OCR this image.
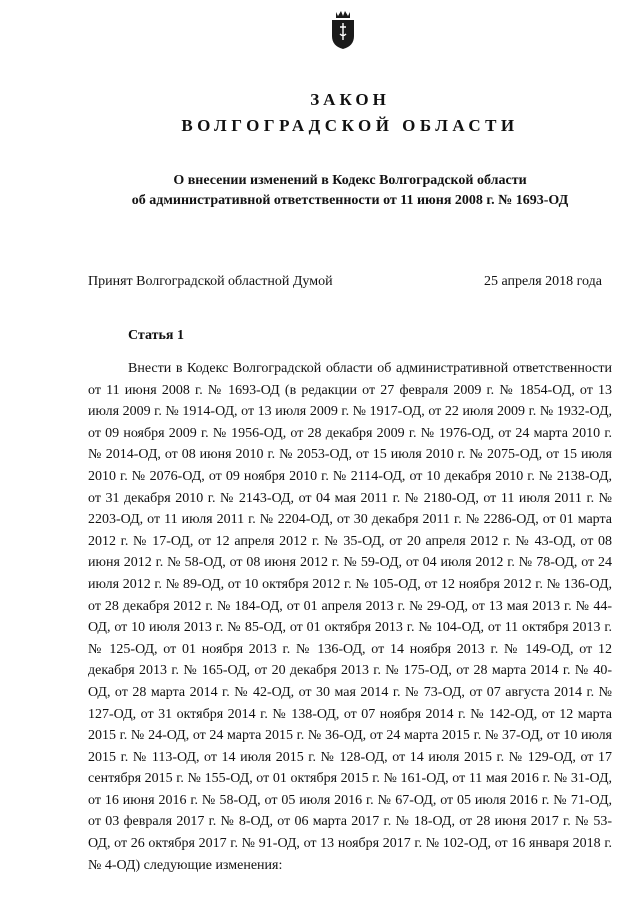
ЗАКОН
ВОЛГОГРАДСКОЙ ОБЛАСТИ
О внесении изменений в Кодекс Волгоградской области
об административной ответственности от 11 июня 2008 г. № 1693-ОД
Принят Волгоградской областной Думой	25 апреля 2018 года
Статья 1
Внести в Кодекс Волгоградской области об административной ответственности от 11 июня 2008 г. № 1693-ОД (в редакции от 27 февраля 2009 г. № 1854-ОД, от 13 июля 2009 г. № 1914-ОД, от 13 июля 2009 г. № 1917-ОД, от 22 июля 2009 г. № 1932-ОД, от 09 ноября 2009 г. № 1956-ОД, от 28 декабря 2009 г. № 1976-ОД, от 24 марта 2010 г. № 2014-ОД, от 08 июня 2010 г. № 2053-ОД, от 15 июля 2010 г. № 2075-ОД, от 15 июля 2010 г. № 2076-ОД, от 09 ноября 2010 г. № 2114-ОД, от 10 декабря 2010 г. № 2138-ОД, от 31 декабря 2010 г. № 2143-ОД, от 04 мая 2011 г. № 2180-ОД, от 11 июля 2011 г. № 2203-ОД, от 11 июля 2011 г. № 2204-ОД, от 30 декабря 2011 г. № 2286-ОД, от 01 марта 2012 г. № 17-ОД, от 12 апреля 2012 г. № 35-ОД, от 20 апреля 2012 г. № 43-ОД, от 08 июня 2012 г. № 58-ОД, от 08 июня 2012 г. № 59-ОД, от 04 июля 2012 г. № 78-ОД, от 24 июля 2012 г. № 89-ОД, от 10 октября 2012 г. № 105-ОД, от 12 ноября 2012 г. № 136-ОД, от 28 декабря 2012 г. № 184-ОД, от 01 апреля 2013 г. № 29-ОД, от 13 мая 2013 г. № 44-ОД, от 10 июля 2013 г. № 85-ОД, от 01 октября 2013 г. № 104-ОД, от 11 октября 2013 г. № 125-ОД, от 01 ноября 2013 г. № 136-ОД, от 14 ноября 2013 г. № 149-ОД, от 12 декабря 2013 г. № 165-ОД, от 20 декабря 2013 г. № 175-ОД, от 28 марта 2014 г. № 40-ОД, от 28 марта 2014 г. № 42-ОД, от 30 мая 2014 г. № 73-ОД, от 07 августа 2014 г. № 127-ОД, от 31 октября 2014 г. № 138-ОД, от 07 ноября 2014 г. № 142-ОД, от 12 марта 2015 г. № 24-ОД, от 24 марта 2015 г. № 36-ОД, от 24 марта 2015 г. № 37-ОД, от 10 июля 2015 г. № 113-ОД, от 14 июля 2015 г. № 128-ОД, от 14 июля 2015 г. № 129-ОД, от 17 сентября 2015 г. № 155-ОД, от 01 октября 2015 г. № 161-ОД, от 11 мая 2016 г. № 31-ОД, от 16 июня 2016 г. № 58-ОД, от 05 июля 2016 г. № 67-ОД, от 05 июля 2016 г. № 71-ОД, от 03 февраля 2017 г. № 8-ОД, от 06 марта 2017 г. № 18-ОД, от 28 июня 2017 г. № 53-ОД, от 26 октября 2017 г. № 91-ОД, от 13 ноября 2017 г. № 102-ОД, от 16 января 2018 г. № 4-ОД) следующие изменения:
